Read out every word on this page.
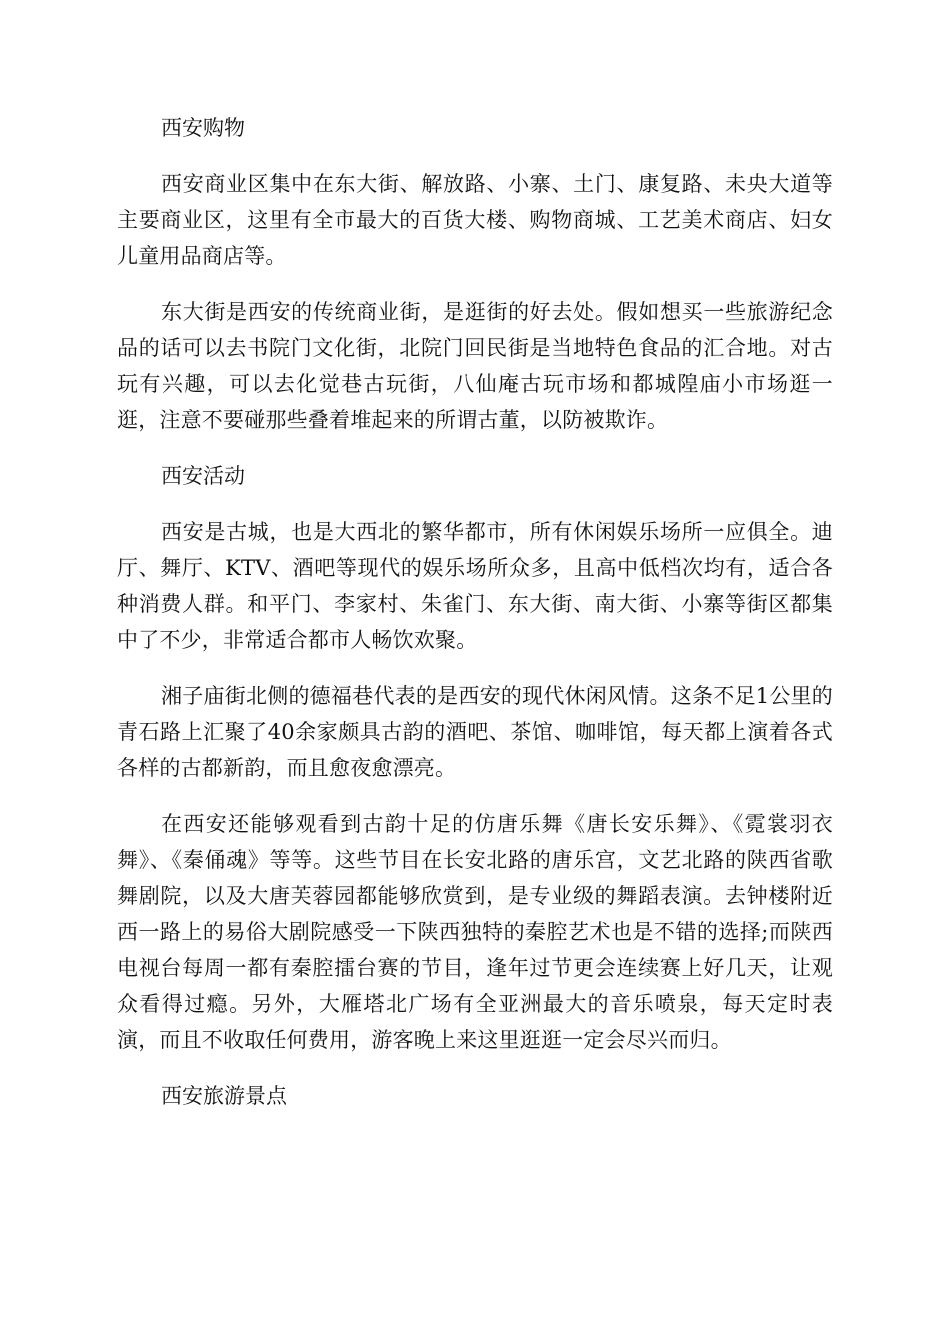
西安购物
西安商业区集中在东大街、解放路、小寨、土门、康复路、未央大道等主要商业区，这里有全市最大的百货大楼、购物商城、工艺美术商店、妇女儿童用品商店等。
东大街是西安的传统商业街，是逛街的好去处。假如想买一些旅游纪念品的话可以去书院门文化街，北院门回民街是当地特色食品的汇合地。对古玩有兴趣，可以去化觉巷古玩街，八仙庵古玩市场和都城隍庙小市场逛一逛，注意不要碰那些叠着堆起来的所谓古董，以防被欺诈。
西安活动
西安是古城，也是大西北的繁华都市，所有休闲娱乐场所一应俱全。迪厅、舞厅、KTV、酒吧等现代的娱乐场所众多，且高中低档次均有，适合各种消费人群。和平门、李家村、朱雀门、东大街、南大街、小寨等街区都集中了不少，非常适合都市人畅饮欢聚。
湘子庙街北侧的德福巷代表的是西安的现代休闲风情。这条不足1公里的青石路上汇聚了40余家颇具古韵的酒吧、茶馆、咖啡馆，每天都上演着各式各样的古都新韵，而且愈夜愈漂亮。
在西安还能够观看到古韵十足的仿唐乐舞《唐长安乐舞》、《霓裳羽衣舞》、《秦俑魂》等等。这些节目在长安北路的唐乐宫，文艺北路的陕西省歌舞剧院，以及大唐芙蓉园都能够欣赏到，是专业级的舞蹈表演。去钟楼附近西一路上的易俗大剧院感受一下陕西独特的秦腔艺术也是不错的选择;而陕西电视台每周一都有秦腔擂台赛的节目，逢年过节更会连续赛上好几天，让观众看得过瘾。另外，大雁塔北广场有全亚洲最大的音乐喷泉，每天定时表演，而且不收取任何费用，游客晚上来这里逛逛一定会尽兴而归。
西安旅游景点
